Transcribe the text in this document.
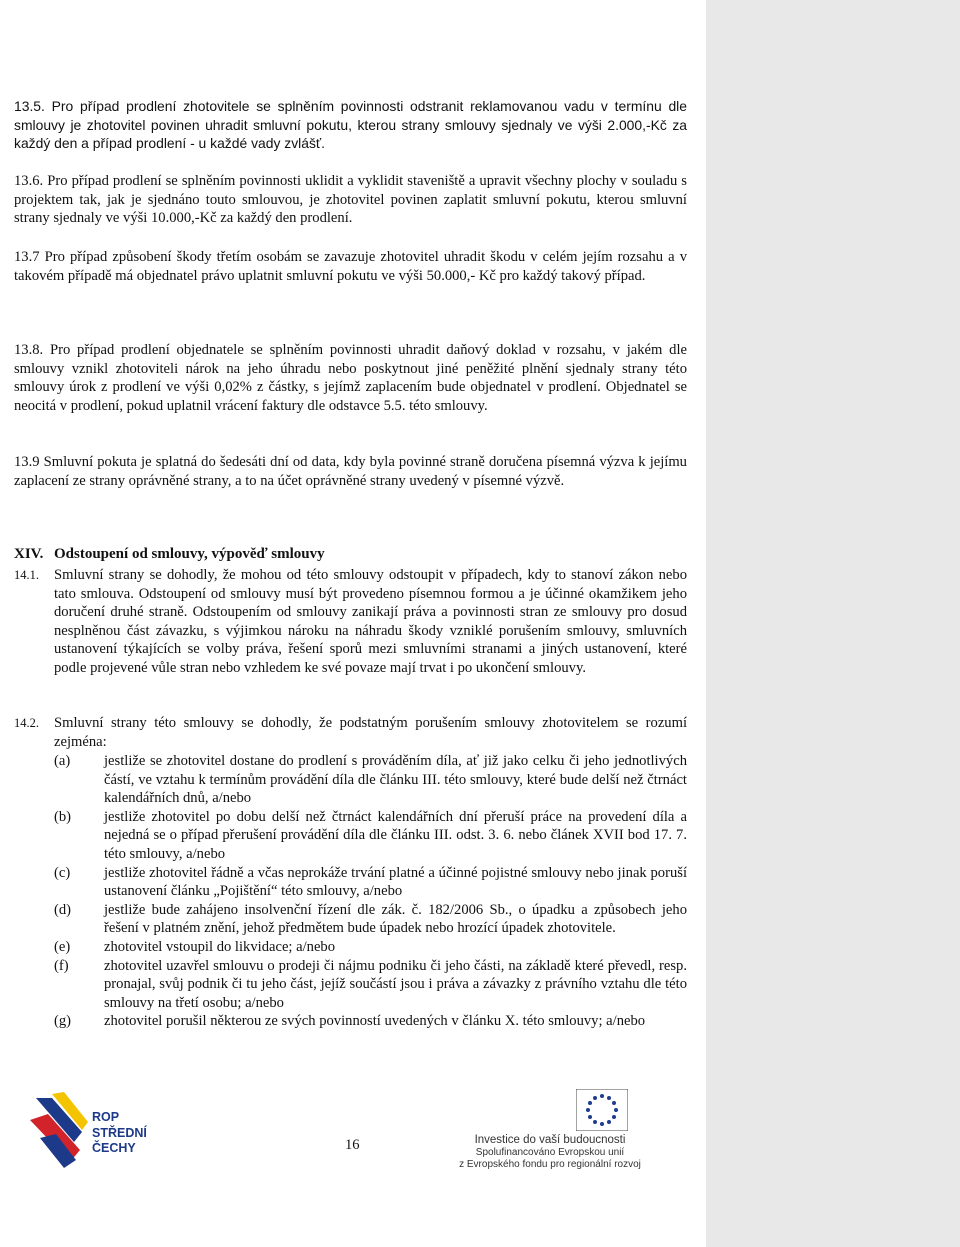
13.5. Pro případ prodlení zhotovitele se splněním povinnosti odstranit reklamovanou vadu v termínu dle smlouvy je zhotovitel povinen uhradit smluvní pokutu, kterou strany smlouvy sjednaly ve výši 2.000,-Kč za každý den a případ prodlení - u každé vady zvlášť.
13.6. Pro případ prodlení se splněním povinnosti uklidit a vyklidit staveniště a upravit všechny plochy v souladu s projektem tak, jak je sjednáno touto smlouvou, je zhotovitel povinen zaplatit smluvní pokutu, kterou smluvní strany sjednaly ve výši 10.000,-Kč za každý den prodlení.
13.7 Pro případ způsobení škody třetím osobám se zavazuje zhotovitel uhradit škodu v celém jejím rozsahu a v takovém případě má objednatel právo uplatnit smluvní pokutu ve výši 50.000,- Kč pro každý takový případ.
13.8. Pro případ prodlení objednatele se splněním povinnosti uhradit daňový doklad v rozsahu, v jakém dle smlouvy vznikl zhotoviteli nárok na jeho úhradu nebo poskytnout jiné peněžité plnění sjednaly strany této smlouvy úrok z prodlení ve výši 0,02% z částky, s jejímž zaplacením bude objednatel v prodlení. Objednatel se neocitá v prodlení, pokud uplatnil vrácení faktury dle odstavce 5.5. této smlouvy.
13.9 Smluvní pokuta je splatná do šedesáti dní od data, kdy byla povinné straně doručena písemná výzva k jejímu zaplacení ze strany oprávněné strany, a to na účet oprávněné strany uvedený v písemné výzvě.
XIV. Odstoupení od smlouvy, výpověď smlouvy
14.1. Smluvní strany se dohodly, že mohou od této smlouvy odstoupit v případech, kdy to stanoví zákon nebo tato smlouva. Odstoupení od smlouvy musí být provedeno písemnou formou a je účinné okamžikem jeho doručení druhé straně. Odstoupením od smlouvy zanikají práva a povinnosti stran ze smlouvy pro dosud nesplněnou část závazku, s výjimkou nároku na náhradu škody vzniklé porušením smlouvy, smluvních ustanovení týkajících se volby práva, řešení sporů mezi smluvními stranami a jiných ustanovení, které podle projevené vůle stran nebo vzhledem ke své povaze mají trvat i po ukončení smlouvy.
14.2. Smluvní strany této smlouvy se dohodly, že podstatným porušením smlouvy zhotovitelem se rozumí zejména:
(a) jestliže se zhotovitel dostane do prodlení s prováděním díla, ať již jako celku či jeho jednotlivých částí, ve vztahu k termínům provádění díla dle článku III. této smlouvy, které bude delší než čtrnáct kalendářních dnů, a/nebo
(b) jestliže zhotovitel po dobu delší než čtrnáct kalendářních dní přeruší práce na provedení díla a nejedná se o případ přerušení provádění díla dle článku III. odst. 3. 6. nebo článek XVII bod 17. 7. této smlouvy, a/nebo
(c) jestliže zhotovitel řádně a včas neprokáže trvání platné a účinné pojistné smlouvy nebo jinak poruší ustanovení článku „Pojištění“ této smlouvy, a/nebo
(d) jestliže bude zahájeno insolvenční řízení dle zák. č. 182/2006 Sb., o úpadku a způsobech jeho řešení v platném znění, jehož předmětem bude úpadek nebo hrozící úpadek zhotovitele.
(e) zhotovitel vstoupil do likvidace; a/nebo
(f) zhotovitel uzavřel smlouvu o prodeji či nájmu podniku či jeho části, na základě které převedl, resp. pronajal, svůj podnik či tu jeho část, jejíž součástí jsou i práva a závazky z právního vztahu dle této smlouvy na třetí osobu; a/nebo
(g) zhotovitel porušil některou ze svých povinností uvedených v článku X. této smlouvy; a/nebo
ROP
STŘEDNÍ
ČECHY	16	Investice do vaší budoucnosti
Spolufinancováno Evropskou unií
z Evropského fondu pro regionální rozvoj
